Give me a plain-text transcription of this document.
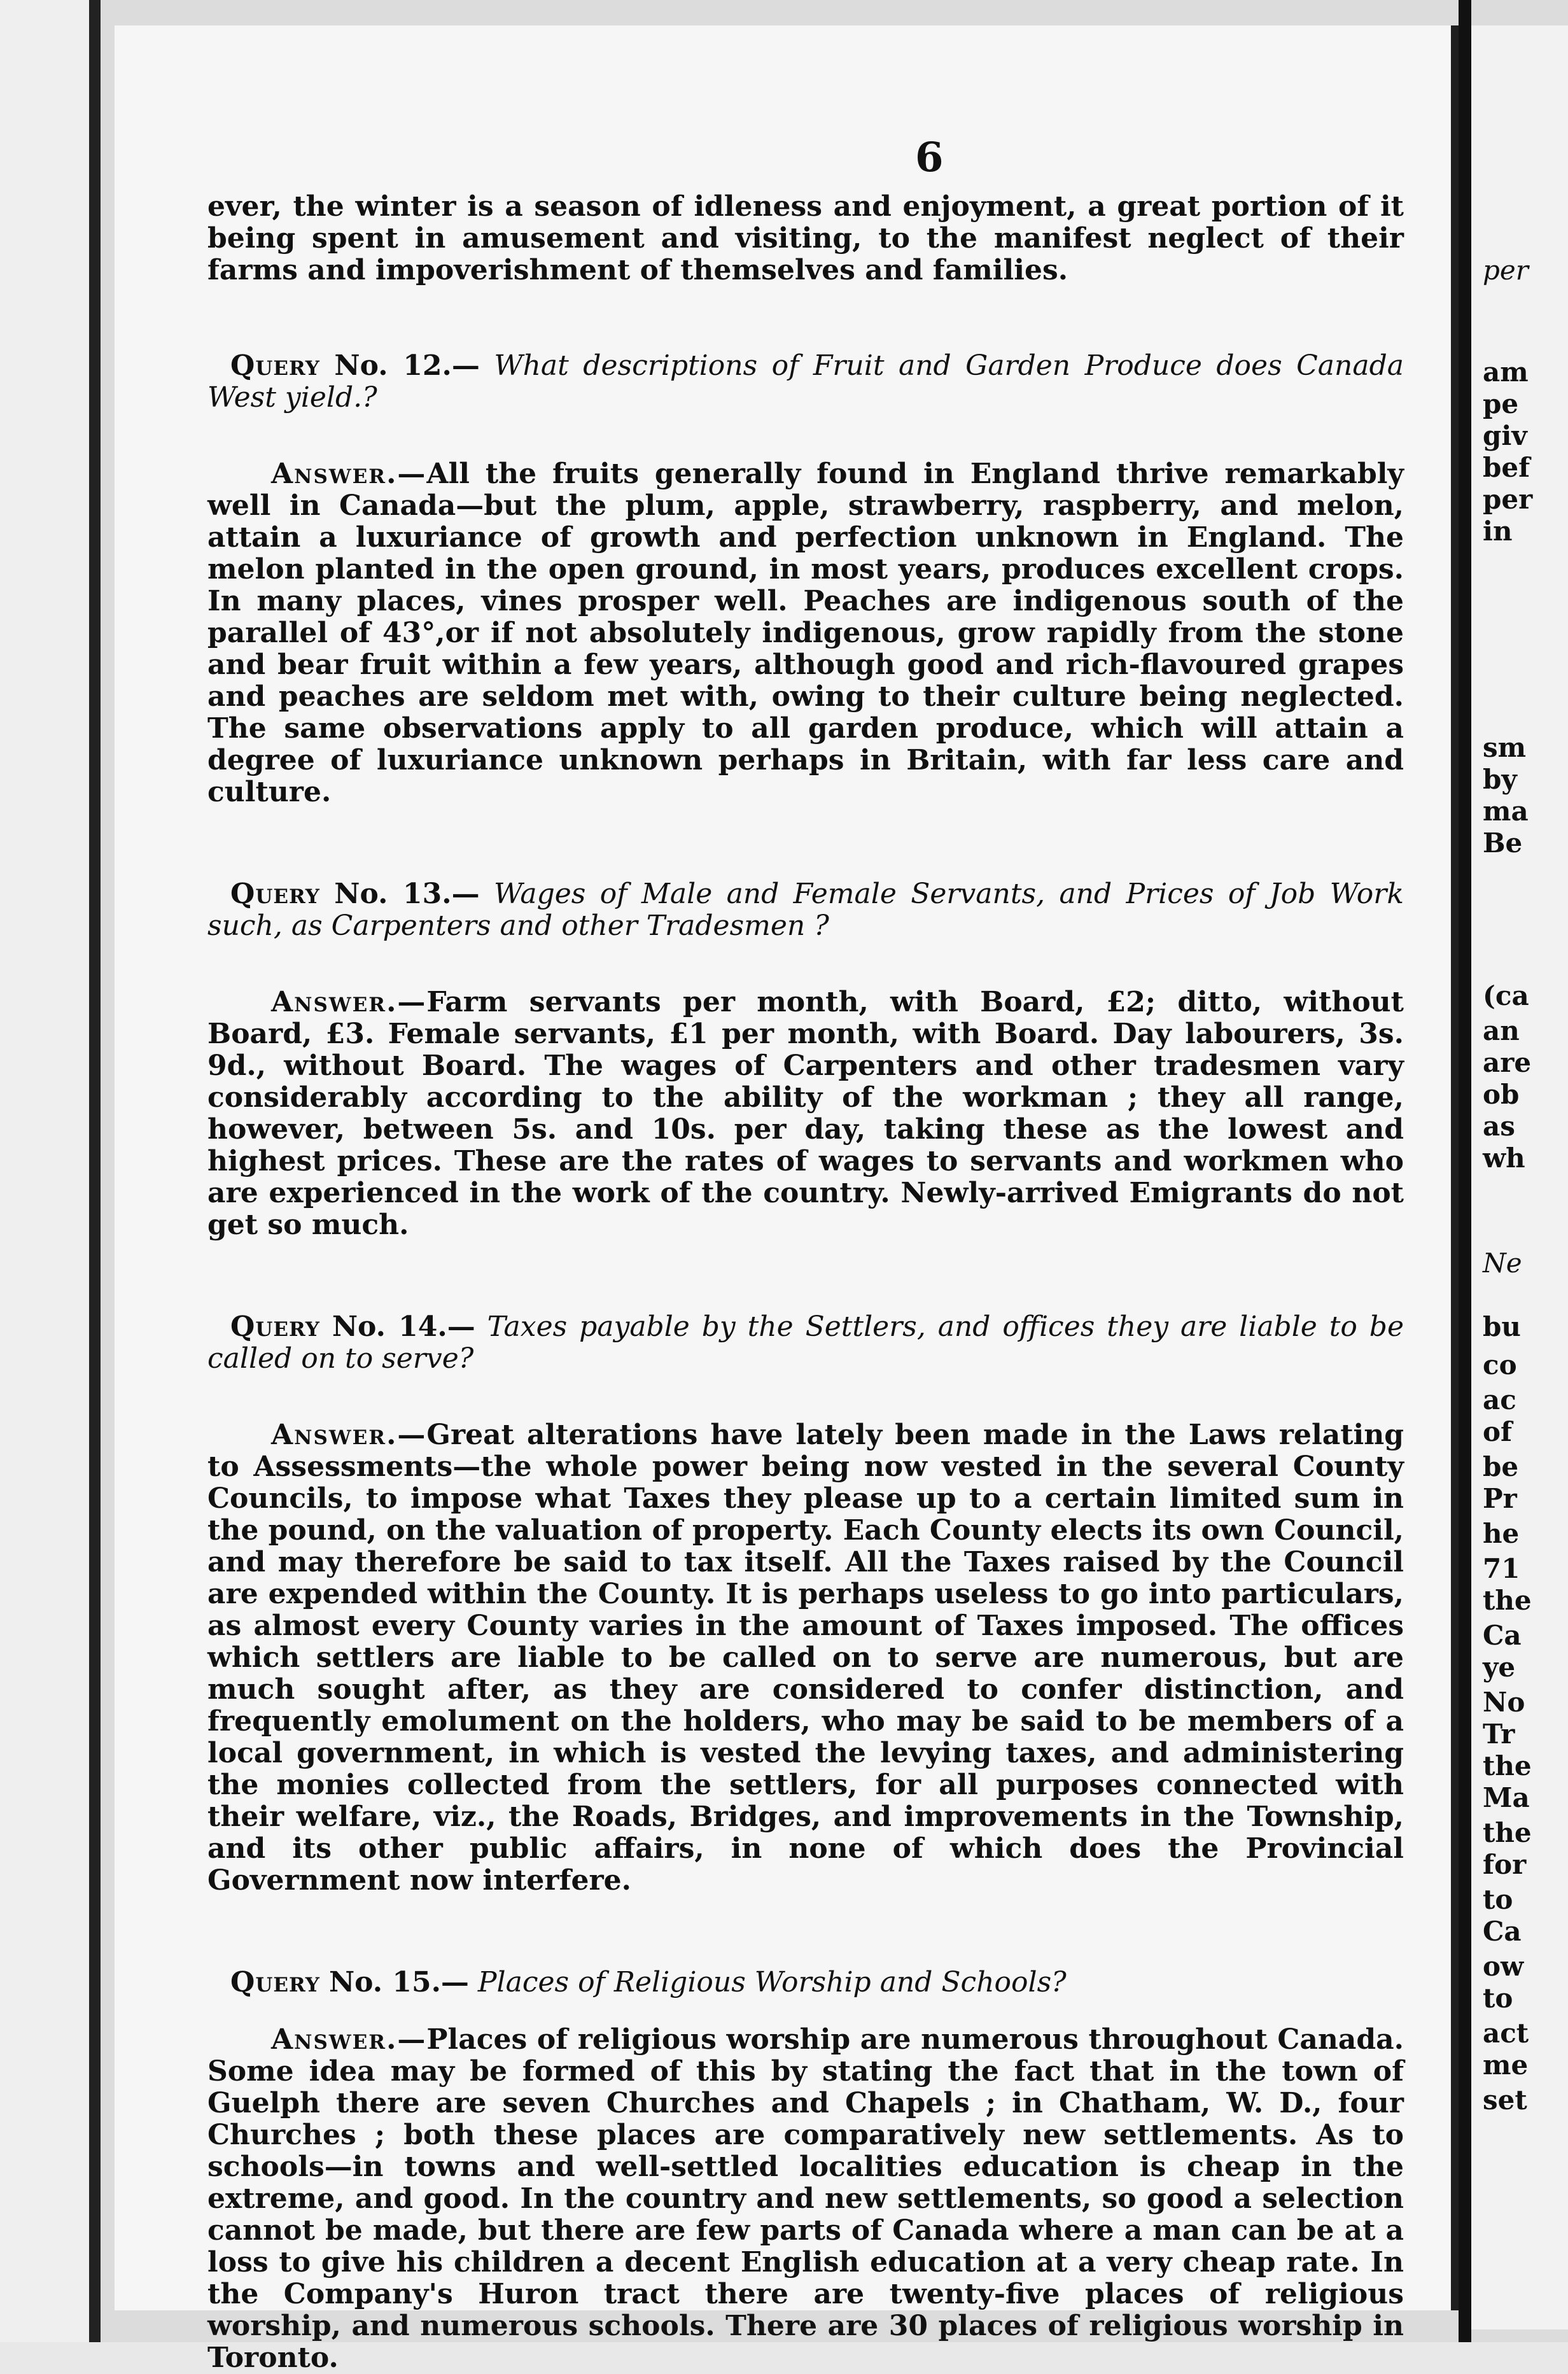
6

ever, the winter is a season of idleness and enjoyment, a great portion of it being spent in amusement and visiting, to the manifest neglect of their farms and impoverishment of themselves and families.

Query No. 12.— What descriptions of Fruit and Garden Produce does Canada West yield.?

Answer.—All the fruits generally found in England thrive remarkably well in Canada—but the plum, apple, strawberry, raspberry, and melon, attain a luxuriance of growth and perfection unknown in England. The melon planted in the open ground, in most years, produces excellent crops. In many places, vines prosper well. Peaches are indigenous south of the parallel of 43°,or if not absolutely indigenous, grow rapidly from the stone and bear fruit within a few years, although good and rich-flavoured grapes and peaches are seldom met with, owing to their culture being neglected. The same observations apply to all garden produce, which will attain a degree of luxuriance unknown perhaps in Britain, with far less care and culture.

Query No. 13.— Wages of Male and Female Servants, and Prices of Job Work such, as Carpenters and other Tradesmen ?

Answer.—Farm servants per month, with Board, £2; ditto, without Board, £3. Female servants, £1 per month, with Board. Day labourers, 3s. 9d., without Board. The wages of Carpenters and other tradesmen vary considerably according to the ability of the workman ; they all range, however, between 5s. and 10s. per day, taking these as the lowest and highest prices. These are the rates of wages to servants and workmen who are experienced in the work of the country. Newly-arrived Emigrants do not get so much.

Query No. 14.— Taxes payable by the Settlers, and offices they are liable to be called on to serve?

Answer.—Great alterations have lately been made in the Laws relating to Assessments—the whole power being now vested in the several County Councils, to impose what Taxes they please up to a certain limited sum in the pound, on the valuation of property. Each County elects its own Council, and may therefore be said to tax itself. All the Taxes raised by the Council are expended within the County. It is perhaps useless to go into particulars, as almost every County varies in the amount of Taxes imposed. The offices which settlers are liable to be called on to serve are numerous, but are much sought after, as they are considered to confer distinction, and frequently emolument on the holders, who may be said to be members of a local government, in which is vested the levying taxes, and administering the monies collected from the settlers, for all purposes connected with their welfare, viz., the Roads, Bridges, and improvements in the Township, and its other public affairs, in none of which does the Provincial Government now interfere.

Query No. 15.— Places of Religious Worship and Schools?

Answer.—Places of religious worship are numerous throughout Canada. Some idea may be formed of this by stating the fact that in the town of Guelph there are seven Churches and Chapels ; in Chatham, W. D., four Churches ; both these places are comparatively new settlements. As to schools—in towns and well-settled localities education is cheap in the extreme, and good. In the country and new settlements, so good a selection cannot be made, but there are few parts of Canada where a man can be at a loss to give his children a decent English education at a very cheap rate. In the Company's Huron tract there are twenty-five places of religious worship, and numerous schools. There are 30 places of religious worship in Toronto.

per
am
pe
giv
bef
per
in
sm
by
ma
Be
(ca
an
are
ob
as
wh
Ne
bu
co
ac
of
be
Pr
he
71
the
Ca
ye
No
Tr
the
Ma
the
for
to
Ca
ow
to
act
me
set
